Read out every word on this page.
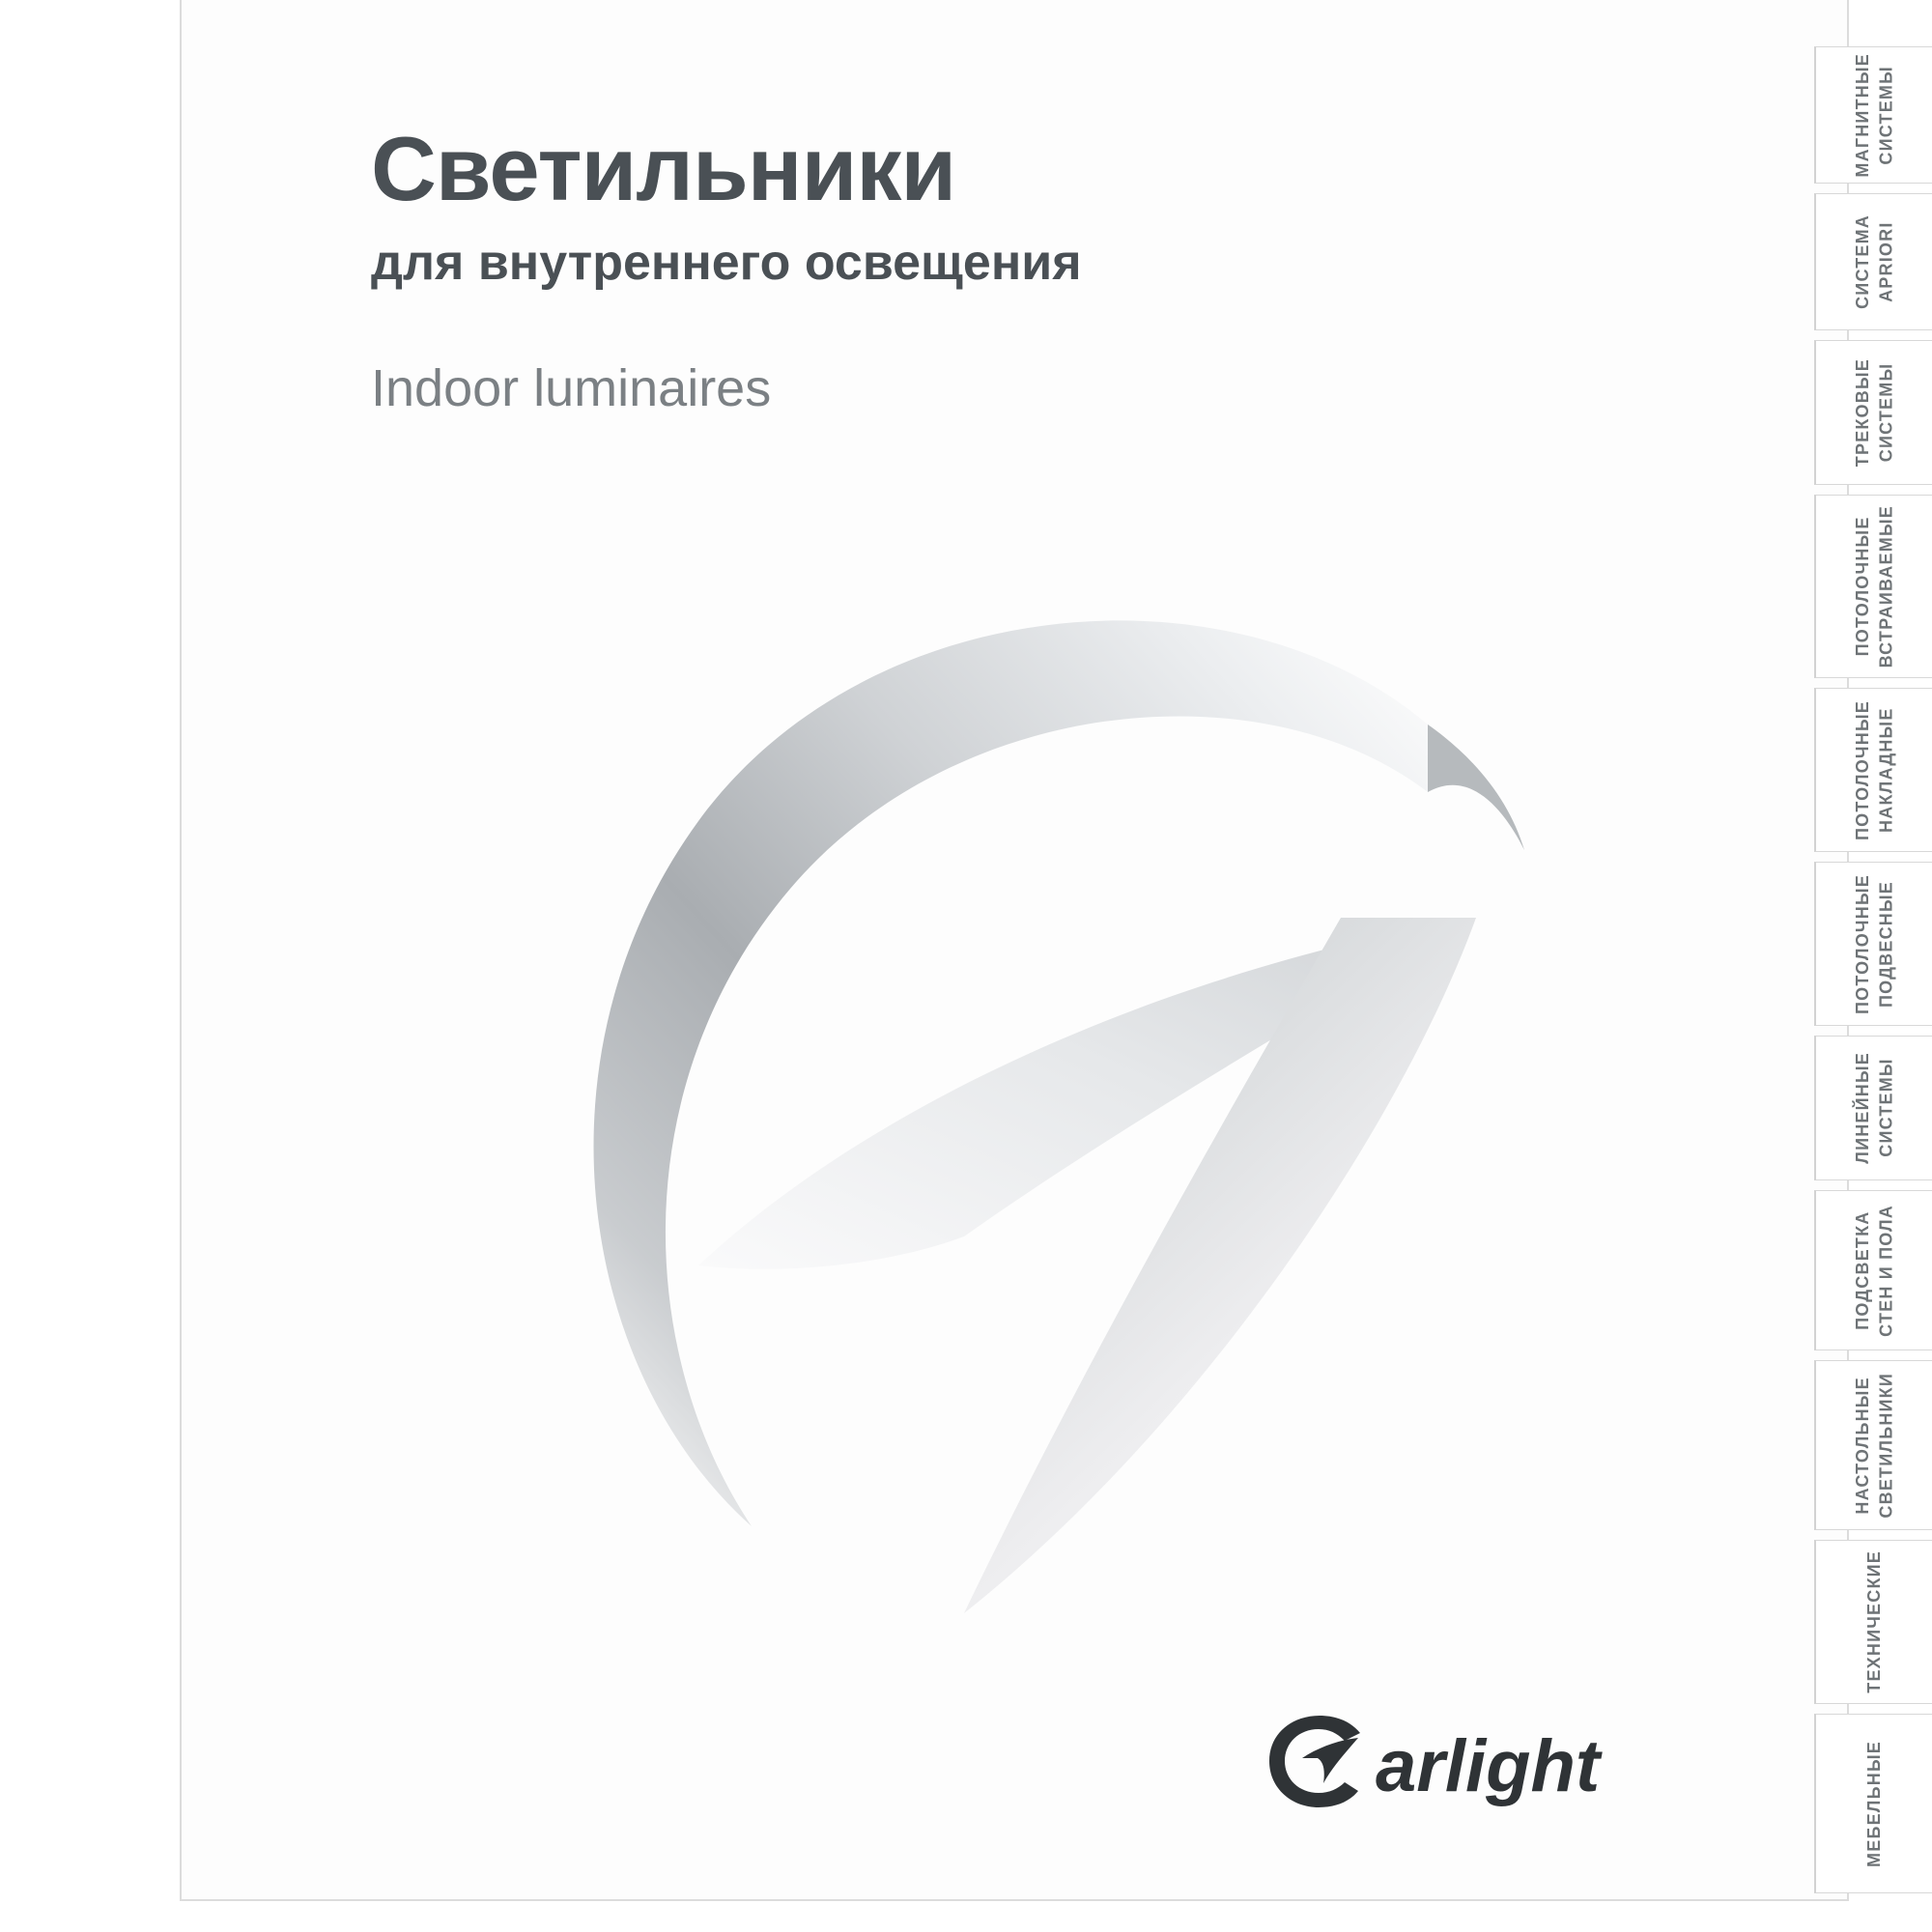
Светильники
для внутреннего освещения
Indoor luminaires
arlight
МАГНИТНЫЕ СИСТЕМЫ
СИСТЕМА APRIORI
ТРЕКОВЫЕ СИСТЕМЫ
ПОТОЛОЧНЫЕ ВСТРАИВАЕМЫЕ
ПОТОЛОЧНЫЕ НАКЛАДНЫЕ
ПОТОЛОЧНЫЕ ПОДВЕСНЫЕ
ЛИНЕЙНЫЕ СИСТЕМЫ
ПОДСВЕТКА СТЕН И ПОЛА
НАСТОЛЬНЫЕ СВЕТИЛЬНИКИ
ТЕХНИЧЕСКИЕ
МЕБЕЛЬНЫЕ
